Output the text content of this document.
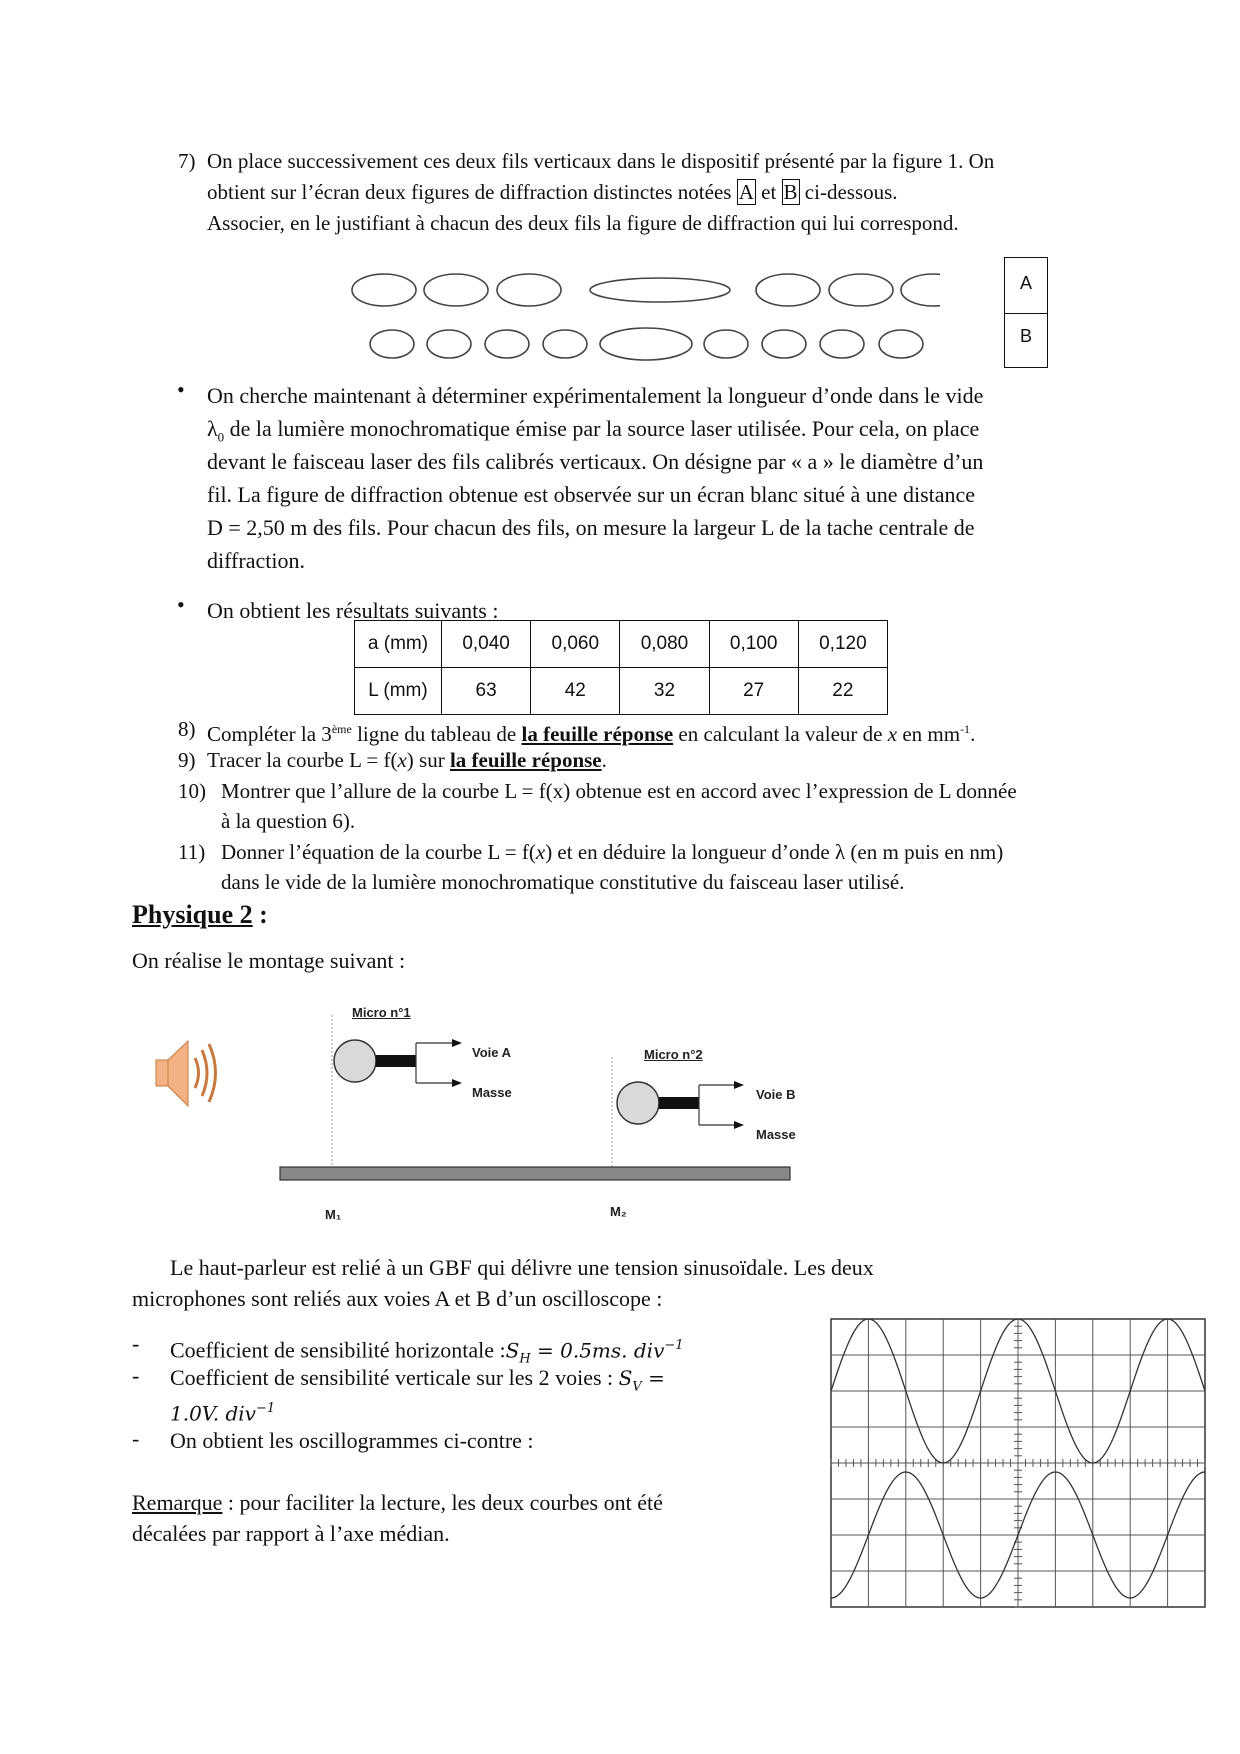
7) On place successivement ces deux fils verticaux dans le dispositif présenté par la figure 1. On
obtient sur l’écran deux figures de diffraction distinctes notées A et B ci-dessous.
Associer, en le justifiant à chacun des deux fils la figure de diffraction qui lui correspond.
A
B
• On cherche maintenant à déterminer expérimentalement la longueur d’onde dans le vide
$\lambda_0$ de la lumière monochromatique émise par la source laser utilisée. Pour cela, on place
devant le faisceau laser des fils calibrés verticaux. On désigne par « a » le diamètre d’un
fil. La figure de diffraction obtenue est observée sur un écran blanc situé à une distance
D = 2,50 m des fils. Pour chacun des fils, on mesure la largeur L de la tache centrale de
diffraction.
• On obtient les résultats suivants :
a (mm)	0,040	0,060	0,080	0,100	0,120
L (mm)	63	42	32	27	22
8) Compléter la 3ème ligne du tableau de la feuille réponse en calculant la valeur de x en $mm^{-1}$.
9) Tracer la courbe L = f(x) sur la feuille réponse.
10) Montrer que l’allure de la courbe L = f(x) obtenue est en accord avec l’expression de L donnée
à la question 6).
11) Donner l’équation de la courbe L = f(x) et en déduire la longueur d’onde λ (en m puis en nm)
dans le vide de la lumière monochromatique constitutive du faisceau laser utilisé.
Physique 2 :
On réalise le montage suivant :
Micro n°1
Micro n°2
Voie A
Masse	Voie B
Masse
M₁	M₂
Le haut-parleur est relié à un GBF qui délivre une tension sinusoïdale. Les deux
microphones sont reliés aux voies A et B d’un oscilloscope :
- Coefficient de sensibilité horizontale $:S_H = 0.5ms$. div$^{-1}$
- Coefficient de sensibilité verticale sur les 2 voies : $S_V$ =
1.0V. div$^{-1}$
- On obtient les oscillogrammes ci-contre :
Remarque : pour faciliter la lecture, les deux courbes ont été
décalées par rapport à l’axe médian.
